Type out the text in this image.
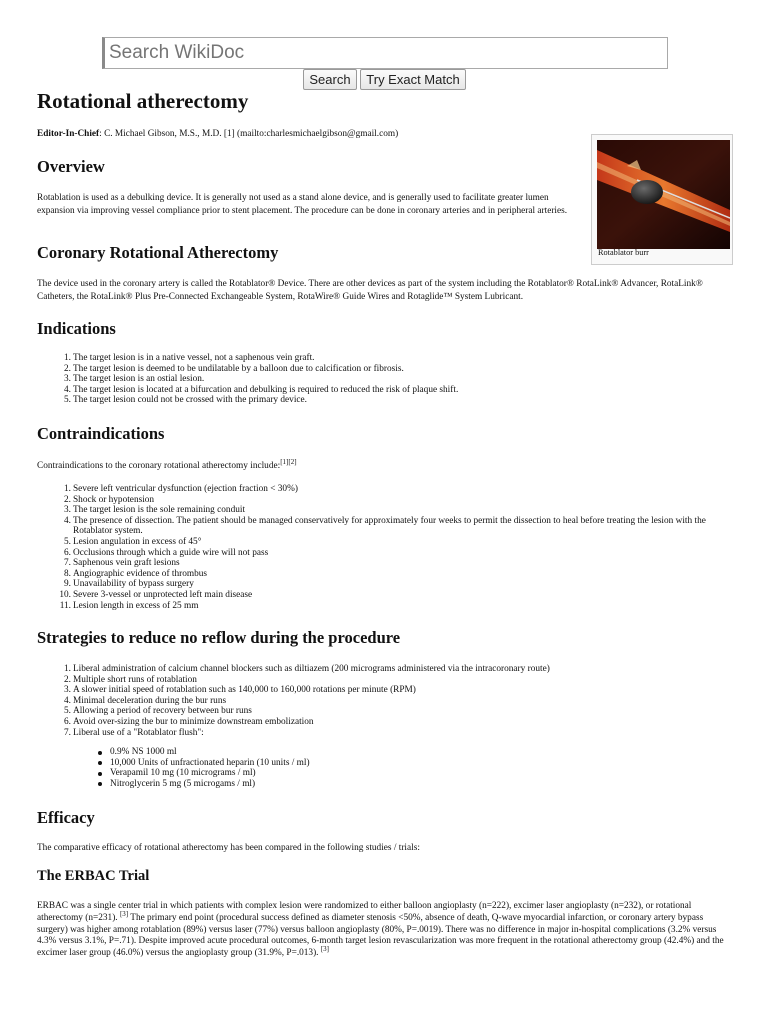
Search WikiDoc
Search	Try Exact Match
Rotablator burr
Rotational atherectomy
Editor-In-Chief: C. Michael Gibson, M.S., M.D. [1] (mailto:charlesmichaelgibson@gmail.com)
Overview
Rotablation is used as a debulking device. It is generally not used as a stand alone device, and is generally used to facilitate greater lumen expansion via improving vessel compliance prior to stent placement. The procedure can be done in coronary arteries and in peripheral arteries.
Coronary Rotational Atherectomy
The device used in the coronary artery is called the Rotablator® Device. There are other devices as part of the system including the Rotablator® RotaLink® Advancer, RotaLink® Catheters, the RotaLink® Plus Pre-Connected Exchangeable System, RotaWire® Guide Wires and Rotaglide™ System Lubricant.
Indications
1. The target lesion is in a native vessel, not a saphenous vein graft.
2. The target lesion is deemed to be undilatable by a balloon due to calcification or fibrosis.
3. The target lesion is an ostial lesion.
4. The target lesion is located at a bifurcation and debulking is required to reduced the risk of plaque shift.
5. The target lesion could not be crossed with the primary device.
Contraindications
Contraindications to the coronary rotational atherectomy include:[1][2]
1. Severe left ventricular dysfunction (ejection fraction < 30%)
2. Shock or hypotension
3. The target lesion is the sole remaining conduit
4. The presence of dissection. The patient should be managed conservatively for approximately four weeks to permit the dissection to heal before treating the lesion with the Rotablator system.
5. Lesion angulation in excess of 45°
6. Occlusions through which a guide wire will not pass
7. Saphenous vein graft lesions
8. Angiographic evidence of thrombus
9. Unavailability of bypass surgery
10. Severe 3-vessel or unprotected left main disease
11. Lesion length in excess of 25 mm
Strategies to reduce no reflow during the procedure
1. Liberal administration of calcium channel blockers such as diltiazem (200 micrograms administered via the intracoronary route)
2. Multiple short runs of rotablation
3. A slower initial speed of rotablation such as 140,000 to 160,000 rotations per minute (RPM)
4. Minimal deceleration during the bur runs
5. Allowing a period of recovery between bur runs
6. Avoid over-sizing the bur to minimize downstream embolization
7. Liberal use of a "Rotablator flush":
0.9% NS 1000 ml
10,000 Units of unfractionated heparin (10 units / ml)
Verapamil 10 mg (10 micrograms / ml)
Nitroglycerin 5 mg (5 microgams / ml)
Efficacy
The comparative efficacy of rotational atherectomy has been compared in the following studies / trials:
The ERBAC Trial
ERBAC was a single center trial in which patients with complex lesion were randomized to either balloon angioplasty (n=222), excimer laser angioplasty (n=232), or rotational atherectomy (n=231). [3] The primary end point (procedural success defined as diameter stenosis <50%, absence of death, Q-wave myocardial infarction, or coronary artery bypass surgery) was higher among rotablation (89%) versus laser (77%) versus balloon angioplasty (80%, P=.0019). There was no difference in major in-hospital complications (3.2% versus 4.3% versus 3.1%, P=.71). Despite improved acute procedural outcomes, 6-month target lesion revascularization was more frequent in the rotational atherectomy group (42.4%) and the excimer laser group (46.0%) versus the angioplasty group (31.9%, P=.013). [3]
